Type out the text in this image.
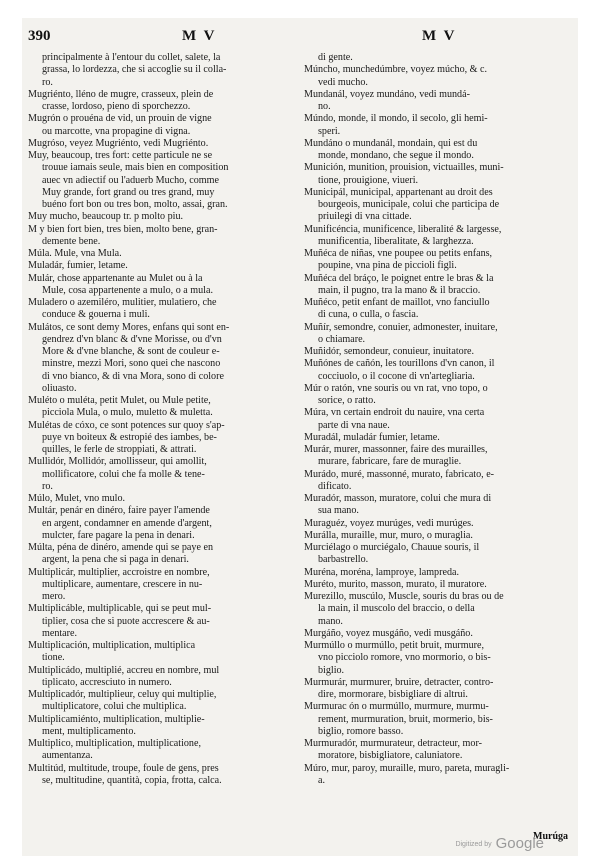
390	M V	M V
principalmente à l'entour du collet, salete, la
grassa, lo lordezza, che si accoglie su il colla-
ro.
Mugriénto, lléno de mugre, crasseux, plein de
crasse, lordoso, pieno di sporchezzo.
Mugrón o prouéna de vid, un prouin de vigne
ou marcotte, vna propagine di vigna.
Mugróso, veyez Mugriénto, vedi Mugriénto.
Muy, beaucoup, tres fort: cette particule ne se
trouue iamais seule, mais bien en composition
auec vn adiectif ou l'aduerb Mucho, comme
Muy grande, fort grand ou tres grand, muy
buéno fort bon ou tres bon, molto, assai, gran.
Muy mucho, beaucoup tr. p molto piu.
M y bien fort bien, tres bien, molto bene, gran-
demente bene.
Múla. Mule, vna Mula.
Muladár, fumier, letame.
Mulár, chose appartenante au Mulet ou à la
Mule, cosa appartenente a mulo, o a mula.
Muladero o azemiléro, mulitier, mulatiero, che
conduce & gouerna i muli.
Mulátos, ce sont demy Mores, enfans qui sont en-
gendrez d'vn blanc & d'vne Morisse, ou d'vn
More & d'vne blanche, & sont de couleur e-
minstre, mezzi Mori, sono quei che nascono
di vno bianco, & di vna Mora, sono di colore
oliuasto.
Muléto o muléta, petit Mulet, ou Mule petite,
picciola Mula, o mulo, muletto & muletta.
Mulétas de cóxo, ce sont potences sur quoy s'ap-
puye vn boiteux & estropié des iambes, be-
quilles, le ferle de stroppiati, & attrati.
Mullidór, Mollidór, amollisseur, qui amollit,
mollificatore, colui che fa molle & tene-
ro.
Múlo, Mulet, vno mulo.
Multár, penár en dinéro, faire payer l'amende
en argent, condamner en amende d'argent,
mulcter, fare pagare la pena in denari.
Múlta, péna de dinéro, amende qui se paye en
argent, la pena che si paga in denari.
Multiplicár, multiplier, accroistre en nombre,
multiplicare, aumentare, crescere in nu-
mero.
Multiplicáble, multiplicable, qui se peut mul-
tiplier, cosa che si puote accrescere & au-
mentare.
Multiplicación, multiplication, multiplica
tione.
Multiplicádo, multiplié, accreu en nombre, mul
tiplicato, accresciuto in numero.
Multiplicadór, multiplieur, celuy qui multiplie,
multiplicatore, colui che multiplica.
Multiplicamiénto, multiplication, multiplie-
ment, multiplicamento.
Multiplico, multiplication, multiplicatione,
aumentanza.
Multitúd, multitude, troupe, foule de gens, pres
se, multitudine, quantità, copia, frotta, calca.
di gente.
Múncho, munchedúmbre, voyez múcho, & c.
vedi mucho.
Mundanál, voyez mundáno, vedi mundá-
no.
Múndo, monde, il mondo, il secolo, gli hemi-
speri.
Mundáno o mundanál, mondain, qui est du
monde, mondano, che segue il mondo.
Munición, munition, prouision, victuailles, muni-
tione, prouigione, viueri.
Municipál, municipal, appartenant au droit des
bourgeois, municipale, colui che participa de
priuilegi di vna cittade.
Munificéncia, munificence, liberalité & largesse,
munificentia, liberalitate, & larghezza.
Muñéca de niñas, vne poupee ou petits enfans,
poupine, vna pina de piccioli figli.
Muñéca del bráço, le poignet entre le bras & la
main, il pugno, tra la mano & il braccio.
Muñéco, petit enfant de maillot, vno fanciullo
di cuna, o culla, o fascia.
Muñír, semondre, conuier, admonester, inuitare,
o chiamare.
Muñidór, semondeur, conuieur, inuitatore.
Muñónes de cañón, les tourillons d'vn canon, il
cocciuolo, o il cocone di vn'artegliaria.
Múr o ratón, vne souris ou vn rat, vno topo, o
sorice, o ratto.
Múra, vn certain endroit du nauire, vna certa
parte di vna naue.
Muradál, muladár fumier, letame.
Murár, murer, massonner, faire des murailles,
murare, fabricare, fare de muraglie.
Murádo, muré, massonné, murato, fabricato, e-
dificato.
Muradór, masson, muratore, colui che mura di
sua mano.
Muraguéz, voyez murúges, vedi murúges.
Murálla, muraille, mur, muro, o muraglia.
Murciélago o murciégalo, Chauue souris, il
barbastrello.
Muréna, moréna, lamproye, lampreda.
Muréto, murito, masson, murato, il muratore.
Murezillo, muscúlo, Muscle, souris du bras ou de
la main, il muscolo del braccio, o della
mano.
Murgáño, voyez musgáño, vedi musgáño.
Murmúllo o murmúllo, petit bruit, murmure,
vno picciolo romore, vno mormorio, o bis-
biglio.
Murmurár, murmurer, bruire, detracter, contro-
dire, mormorare, bisbigliare di altrui.
Murmurac ón o murmúllo, murmure, murmu-
rement, murmuration, bruit, mormerio, bis-
biglio, romore basso.
Murmuradór, murmurateur, detracteur, mor-
moratore, bisbigliatore, caluniatore.
Múro, mur, paroy, muraille, muro, pareta, muragli-
a.
Murúga
Digitized by Google
